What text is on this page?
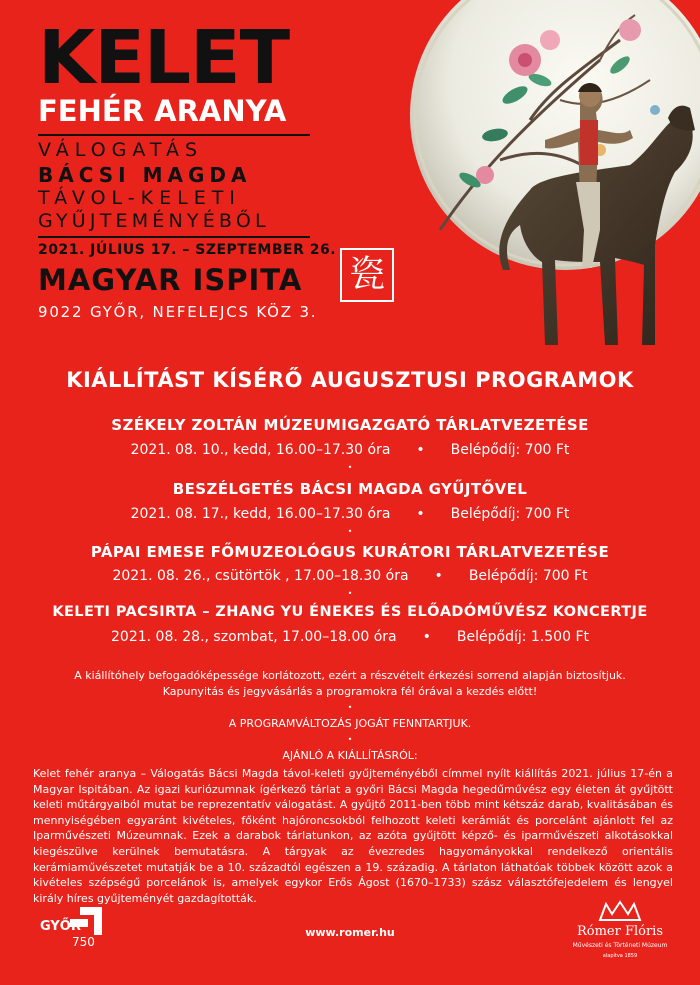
瓷
KELET
FEHÉR ARANYA
VÁLOGATÁS
BÁCSI MAGDA
TÁVOL-KELETI
GYŰJTEMÉNYÉBŐL
2021. JÚLIUS 17. – SZEPTEMBER 26.
MAGYAR ISPITA
9022 GYŐR, NEFELEJCS KÖZ 3.
KIÁLLÍTÁST KÍSÉRŐ AUGUSZTUSI PROGRAMOK
SZÉKELY ZOLTÁN MÚZEUMIGAZGATÓ TÁRLATVEZETÉSE
2021. 08. 10., kedd, 16.00–17.30 óra • Belépődíj: 700 Ft
•
BESZÉLGETÉS BÁCSI MAGDA GYŰJTŐVEL
2021. 08. 17., kedd, 16.00–17.30 óra • Belépődíj: 700 Ft
•
PÁPAI EMESE FŐMUZEOLÓGUS KURÁTORI TÁRLATVEZETÉSE
2021. 08. 26., csütörtök , 17.00–18.30 óra • Belépődíj: 700 Ft
•
KELETI PACSIRTA – ZHANG YU ÉNEKES ÉS ELŐADÓMŰVÉSZ KONCERTJE
2021. 08. 28., szombat, 17.00–18.00 óra • Belépődíj: 1.500 Ft
A kiállítóhely befogadóképessége korlátozott, ezért a részvételt érkezési sorrend alapján biztosítjuk.
Kapunyitás és jegyvásárlás a programokra fél órával a kezdés előtt!
•
A PROGRAMVÁLTOZÁS JOGÁT FENNTARTJUK.
•
AJÁNLÓ A KIÁLLÍTÁSRÓL:
Kelet fehér aranya – Válogatás Bácsi Magda távol-keleti gyűjteményéből címmel nyílt kiállítás 2021. július 17-én a Magyar Ispitában. Az igazi kuriózumnak ígérkező tárlat a győri Bácsi Magda hegedűművész egy életen át gyűjtött keleti műtárgyaiból mutat be reprezentatív válogatást. A gyűjtő 2011-ben több mint kétszáz darab, kvalitásában és mennyiségében egyaránt kivételes, főként hajóroncsokból felhozott keleti kerámiát és porcelánt ajánlott fel az Iparművészeti Múzeumnak. Ezek a darabok tárlatunkon, az azóta gyűjtött képző- és iparművészeti alkotásokkal kiegészülve kerülnek bemutatásra. A tárgyak az évezredes hagyományokkal rendelkező orientális kerámiaművészetet mutatják be a 10. századtól egészen a 19. századig. A tárlaton láthatóak többek között azok a kivételes szépségű porcelánok is, amelyek egykor Erős Ágost (1670–1733) szász választófejedelem és lengyel király híres gyűjteményét gazdagították.
GYŐR
750
www.romer.hu	Rómer Flóris
Művészeti és Történeti Múzeum
alapítva 1859
